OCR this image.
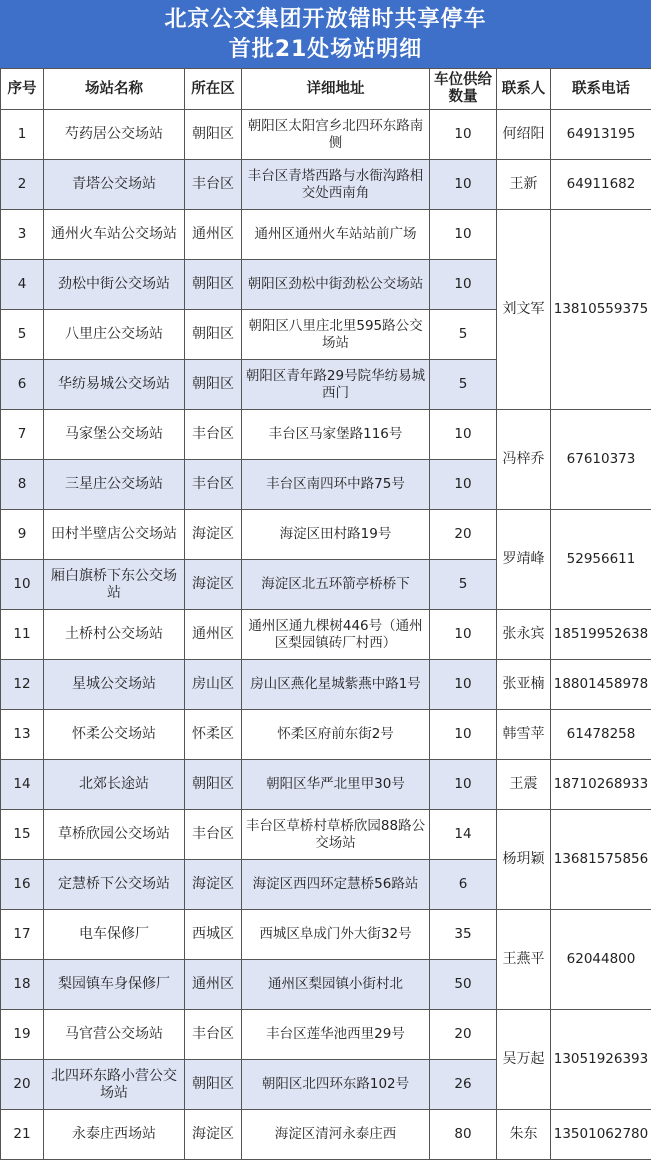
北京公交集团开放错时共享停车
首批21处场站明细
序号	场站名称	所在区	详细地址	车位供给数量	联系人	联系电话
1	芍药居公交场站	朝阳区	朝阳区太阳宫乡北四环东路南侧	10	何绍阳	64913195
2	青塔公交场站	丰台区	丰台区青塔西路与水衙沟路相交处西南角	10	王新	64911682
3	通州火车站公交场站	通州区	通州区通州火车站站前广场	10	刘文军	13810559375
4	劲松中街公交场站	朝阳区	朝阳区劲松中街劲松公交场站	10		
5	八里庄公交场站	朝阳区	朝阳区八里庄北里595路公交场站	5		
6	华纺易城公交场站	朝阳区	朝阳区青年路29号院华纺易城西门	5		
7	马家堡公交场站	丰台区	丰台区马家堡路116号	10	冯梓乔	67610373
8	三星庄公交场站	丰台区	丰台区南四环中路75号	10		
9	田村半壁店公交场站	海淀区	海淀区田村路19号	20	罗靖峰	52956611
10	厢白旗桥下东公交场站	海淀区	海淀区北五环箭亭桥桥下	5		
11	土桥村公交场站	通州区	通州区通九棵树446号（通州区梨园镇砖厂村西）	10	张永宾	18519952638
12	星城公交场站	房山区	房山区燕化星城紫燕中路1号	10	张亚楠	18801458978
13	怀柔公交场站	怀柔区	怀柔区府前东街2号	10	韩雪苹	61478258
14	北郊长途站	朝阳区	朝阳区华严北里甲30号	10	王震	18710268933
15	草桥欣园公交场站	丰台区	丰台区草桥村草桥欣园88路公交场站	14	杨玥颖	13681575856
16	定慧桥下公交场站	海淀区	海淀区西四环定慧桥56路站	6		
17	电车保修厂	西城区	西城区阜成门外大街32号	35	王燕平	62044800
18	梨园镇车身保修厂	通州区	通州区梨园镇小街村北	50		
19	马官营公交场站	丰台区	丰台区莲华池西里29号	20	吴万起	13051926393
20	北四环东路小营公交场站	朝阳区	朝阳区北四环东路102号	26		
21	永泰庄西场站	海淀区	海淀区清河永泰庄西	80	朱东	13501062780
